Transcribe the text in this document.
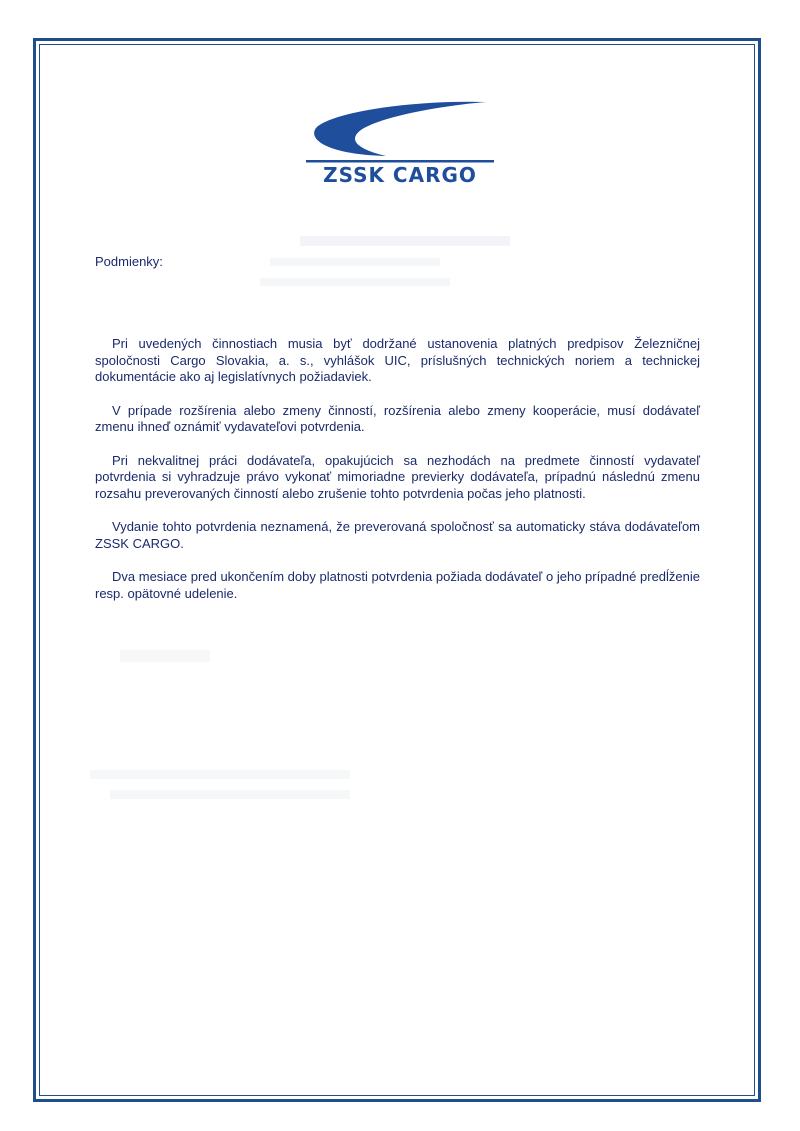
ZSSK CARGO
Podmienky:

Pri uvedených činnostiach musia byť dodržané ustanovenia platných predpisov Železničnej spoločnosti Cargo Slovakia, a. s., vyhlášok UIC, príslušných technických noriem a technickej dokumentácie ako aj legislatívnych požiadaviek.

V prípade rozšírenia alebo zmeny činností, rozšírenia alebo zmeny kooperácie, musí dodávateľ zmenu ihneď oznámiť vydavateľovi potvrdenia.

Pri nekvalitnej práci dodávateľa, opakujúcich sa nezhodách na predmete činností vydavateľ potvrdenia si vyhradzuje právo vykonať mimoriadne previerky dodávateľa, prípadnú následnú zmenu rozsahu preverovaných činností alebo zrušenie tohto potvrdenia počas jeho platnosti.

Vydanie tohto potvrdenia neznamená, že preverovaná spoločnosť sa automaticky stáva dodávateľom ZSSK CARGO.

Dva mesiace pred ukončením doby platnosti potvrdenia požiada dodávateľ o jeho prípadné predĺženie resp. opätovné udelenie.
